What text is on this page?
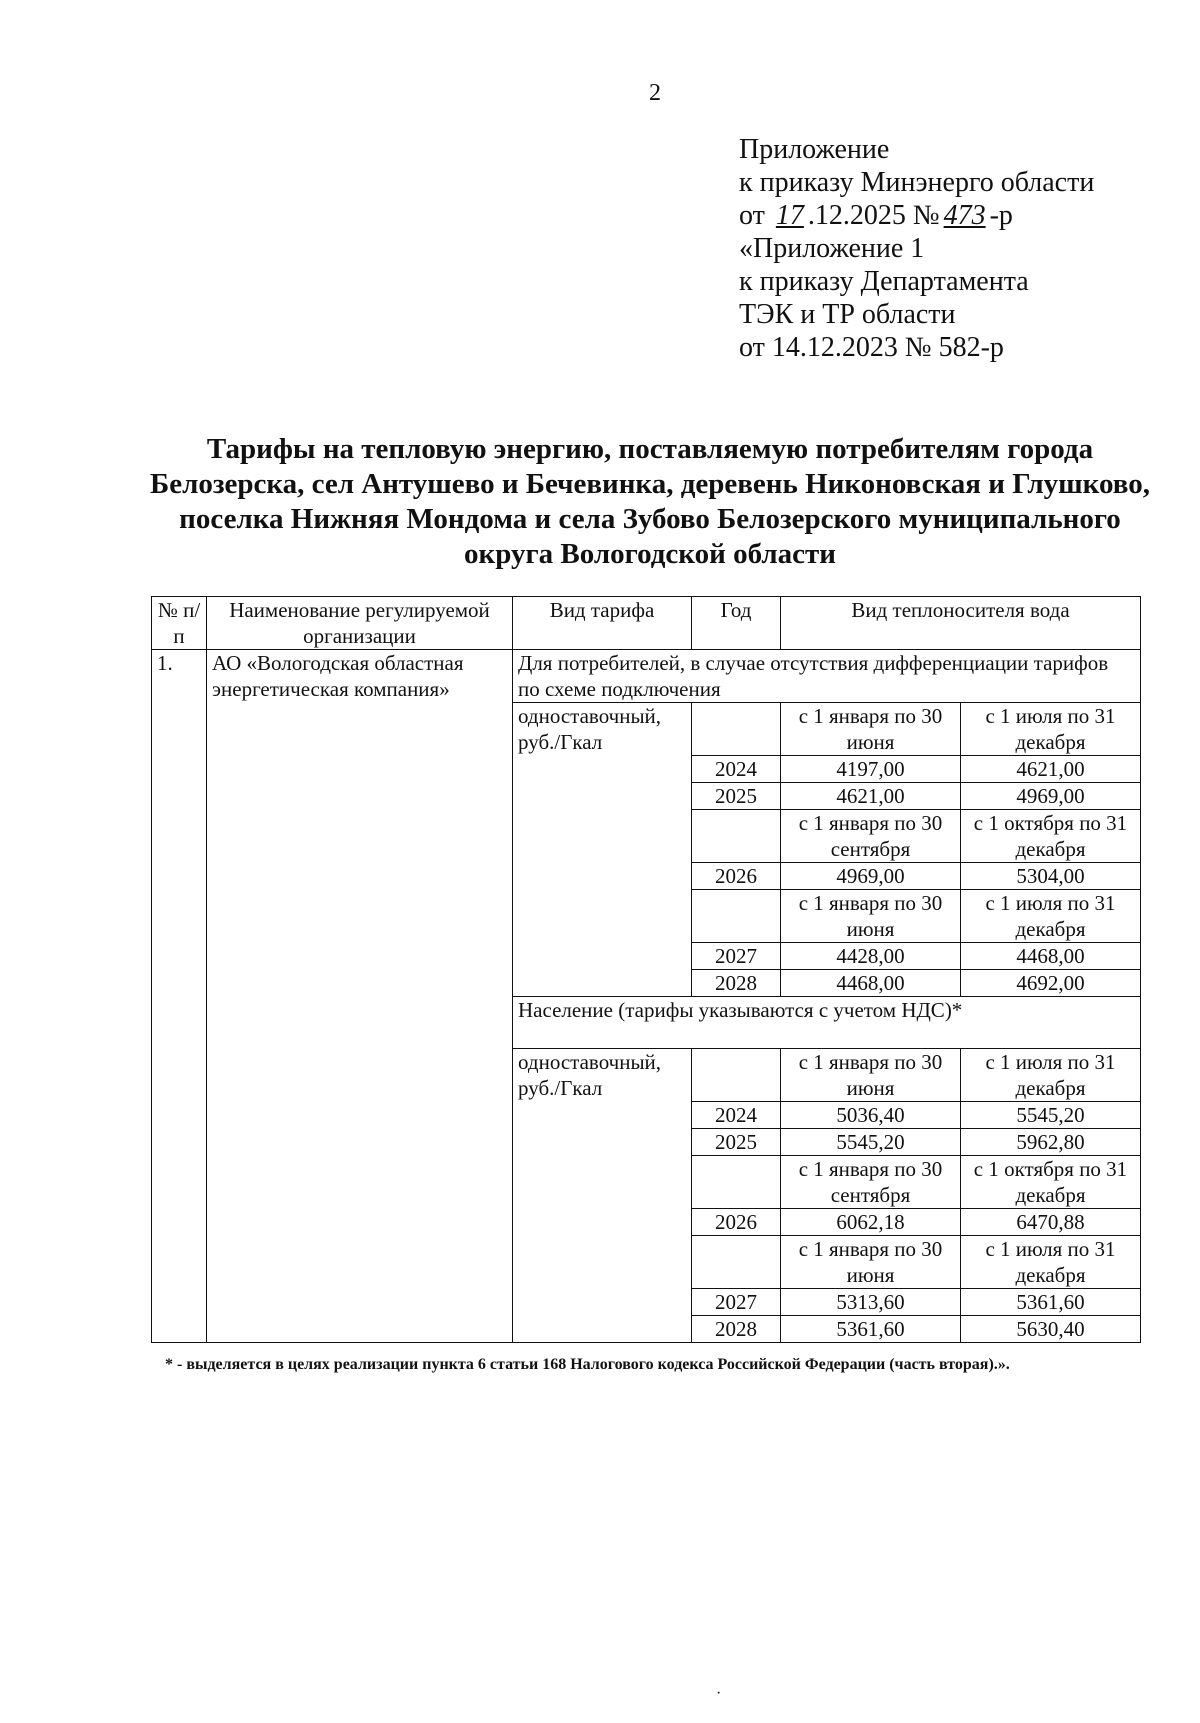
2
Приложение
к приказу Минэнерго области
от 17 .12.2025 № 473 -р
«Приложение 1
к приказу Департамента
ТЭК и ТР области
от 14.12.2023 № 582-р
Тарифы на тепловую энергию, поставляемую потребителям города Белозерска, сел Антушево и Бечевинка, деревень Никоновская и Глушково, поселка Нижняя Мондома и села Зубово Белозерского муниципального округа Вологодской области
№ п/п	Наименование регулируемой организации	Вид тарифа	Год	Вид теплоносителя вода	
1.	АО «Вологодская областная энергетическая компания»	Для потребителей, в случае отсутствия дифференциации тарифов по схеме подключения			
		одноставочный, руб./Гкал		с 1 января по 30 июня	с 1 июля по 31 декабря
			2024	4197,00	4621,00
			2025	4621,00	4969,00
				с 1 января по 30 сентября	с 1 октября по 31 декабря
			2026	4969,00	5304,00
				с 1 января по 30 июня	с 1 июля по 31 декабря
			2027	4428,00	4468,00
			2028	4468,00	4692,00
		Население (тарифы указываются с учетом НДС)*			
		одноставочный, руб./Гкал		с 1 января по 30 июня	с 1 июля по 31 декабря
			2024	5036,40	5545,20
			2025	5545,20	5962,80
				с 1 января по 30 сентября	с 1 октября по 31 декабря
			2026	6062,18	6470,88
				с 1 января по 30 июня	с 1 июля по 31 декабря
			2027	5313,60	5361,60
			2028	5361,60	5630,40
* - выделяется в целях реализации пункта 6 статьи 168 Налогового кодекса Российской Федерации (часть вторая).».
·
